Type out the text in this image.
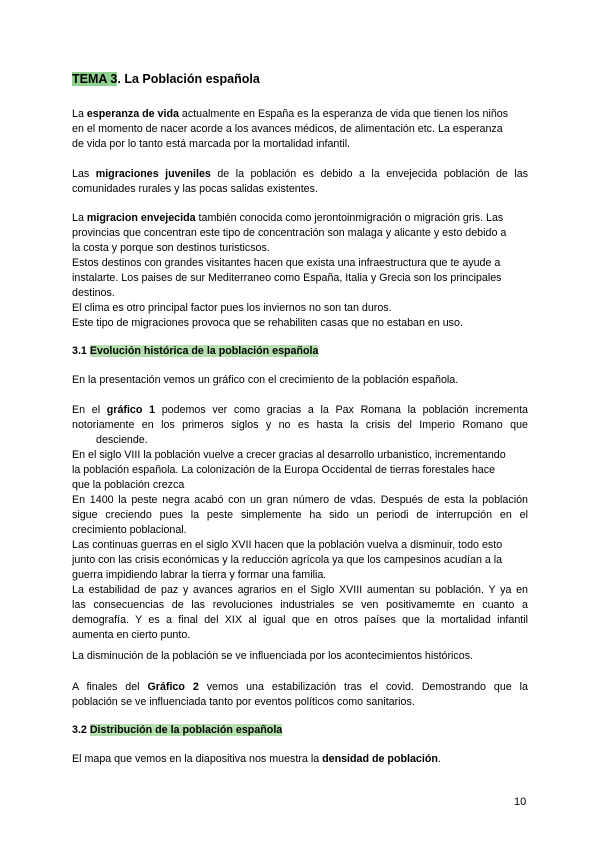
TEMA 3. La Población española
La esperanza de vida actualmente en España es la esperanza de vida que tienen los niños
en el momento de nacer acorde a los avances médicos, de alimentación etc. La esperanza
de vida por lo tanto está marcada por la mortalidad infantil.
Las migraciones juveniles de la población es debido a la envejecida población de las
comunidades rurales y las pocas salidas existentes.
La migracion envejecida también conocida como jerontoinmigración o migración gris. Las
provincias que concentran este tipo de concentración son malaga y alicante y esto debido a
la costa y porque son destinos turisticsos.
Estos destinos con grandes visitantes hacen que exista una infraestructura que te ayude a
instalarte. Los paises de sur Mediterraneo como España, Italia y Grecia son los principales
destinos.
El clima es otro principal factor pues los inviernos no son tan duros.
Este tipo de migraciones provoca que se rehabiliten casas que no estaban en uso.
3.1 Evolución histórica de la población española
En la presentación vemos un gráfico con el crecimiento de la población española.
En el gráfico 1 podemos ver como gracias a la Pax Romana la población incrementa
notoriamente en los primeros siglos y no es hasta la crisis del Imperio Romano que
desciende.
En el siglo VIII la población vuelve a crecer gracias al desarrollo urbanistico, incrementando
la población española. La colonización de la Europa Occidental de tierras forestales hace
que la población crezca
En 1400 la peste negra acabó con un gran número de vdas. Después de esta la población
sigue creciendo pues la peste simplemente ha sido un periodi de interrupción en el
crecimiento poblacional.
Las continuas guerras en el siglo XVII hacen que la población vuelva a disminuir, todo esto
junto con las crisis económicas y la reducción agrícola ya que los campesinos acudían a la
guerra impidiendo labrar la tierra y formar una familia.
La estabilidad de paz y avances agrarios en el Siglo XVIII aumentan su población. Y ya en
las consecuencias de las revoluciones industriales se ven positivamemte en cuanto a
demografía. Y es a final del XIX al igual que en otros países que la mortalidad infantil
aumenta en cierto punto.
La disminución de la población se ve influenciada por los acontecimientos históricos.
A finales del Gráfico 2 vemos una estabilización tras el covid. Demostrando que la
población se ve influenciada tanto por eventos políticos como sanitarios.
3.2 Distribución de la población española
El mapa que vemos en la diapositiva nos muestra la densidad de población.
10
